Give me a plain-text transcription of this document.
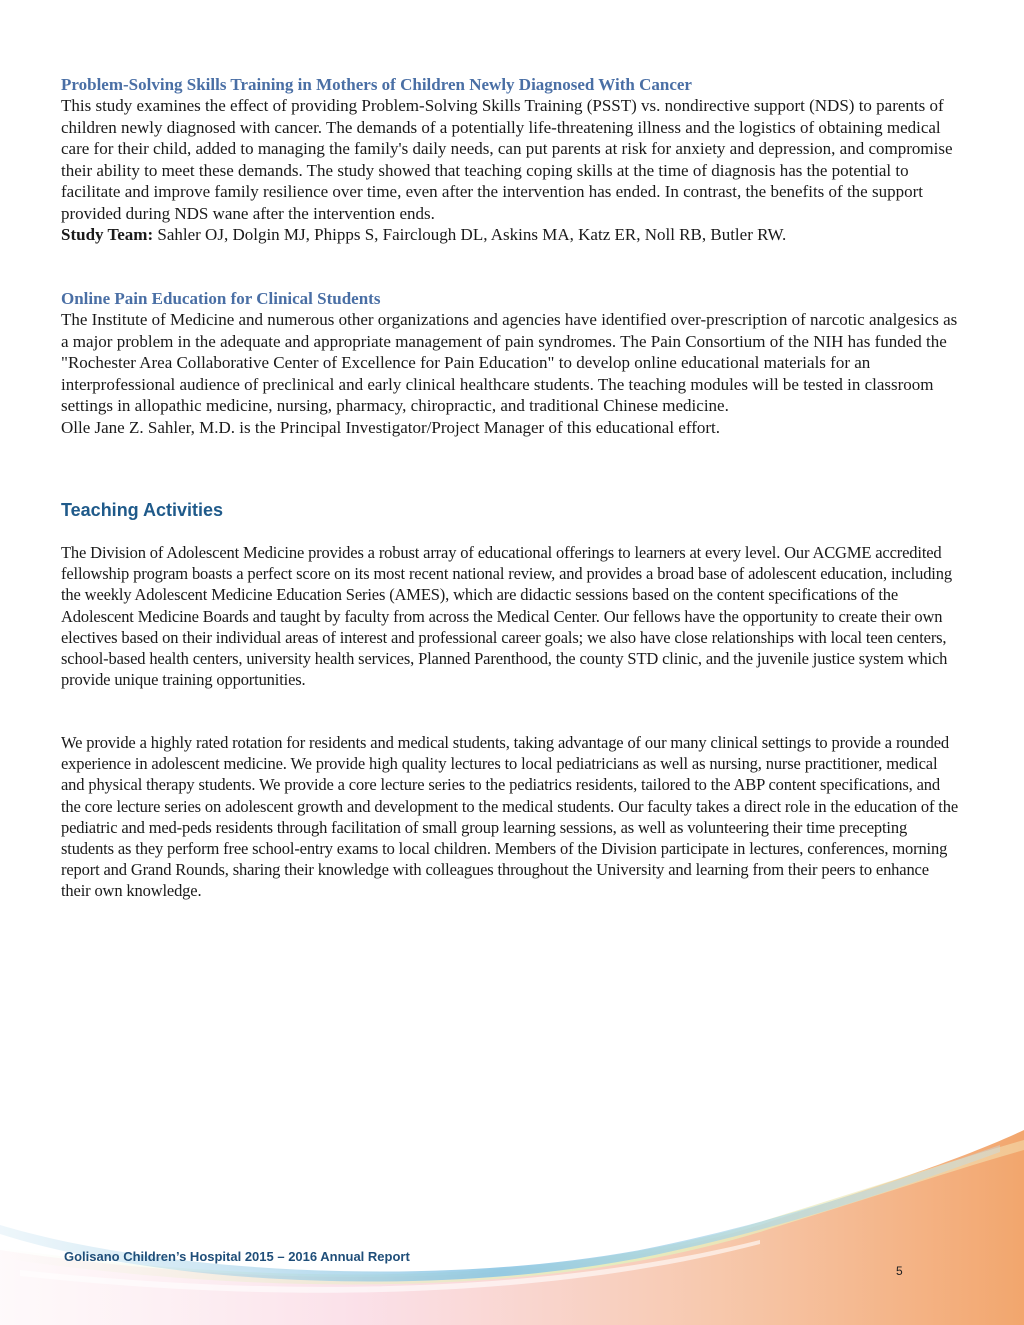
Problem-Solving Skills Training in Mothers of Children Newly Diagnosed With Cancer

This study examines the effect of providing Problem-Solving Skills Training (PSST) vs. nondirective support (NDS) to parents of children newly diagnosed with cancer. The demands of a potentially life-threatening illness and the logistics of obtaining medical care for their child, added to managing the family's daily needs, can put parents at risk for anxiety and depression, and compromise their ability to meet these demands. The study showed that teaching coping skills at the time of diagnosis has the potential to facilitate and improve family resilience over time, even after the intervention has ended. In contrast, the benefits of the support provided during NDS wane after the intervention ends.
Study Team: Sahler OJ, Dolgin MJ, Phipps S, Fairclough DL, Askins MA, Katz ER, Noll RB, Butler RW.

Online Pain Education for Clinical Students

The Institute of Medicine and numerous other organizations and agencies have identified over-prescription of narcotic analgesics as a major problem in the adequate and appropriate management of pain syndromes. The Pain Consortium of the NIH has funded the "Rochester Area Collaborative Center of Excellence for Pain Education" to develop online educational materials for an interprofessional audience of preclinical and early clinical healthcare students. The teaching modules will be tested in classroom settings in allopathic medicine, nursing, pharmacy, chiropractic, and traditional Chinese medicine.
Olle Jane Z. Sahler, M.D. is the Principal Investigator/Project Manager of this educational effort.

Teaching Activities

The Division of Adolescent Medicine provides a robust array of educational offerings to learners at every level. Our ACGME accredited fellowship program boasts a perfect score on its most recent national review, and provides a broad base of adolescent education, including the weekly Adolescent Medicine Education Series (AMES), which are didactic sessions based on the content specifications of the Adolescent Medicine Boards and taught by faculty from across the Medical Center. Our fellows have the opportunity to create their own electives based on their individual areas of interest and professional career goals; we also have close relationships with local teen centers, school-based health centers, university health services, Planned Parenthood, the county STD clinic, and the juvenile justice system which provide unique training opportunities.

We provide a highly rated rotation for residents and medical students, taking advantage of our many clinical settings to provide a rounded experience in adolescent medicine. We provide high quality lectures to local pediatricians as well as nursing, nurse practitioner, medical and physical therapy students. We provide a core lecture series to the pediatrics residents, tailored to the ABP content specifications, and the core lecture series on adolescent growth and development to the medical students. Our faculty takes a direct role in the education of the pediatric and med-peds residents through facilitation of small group learning sessions, as well as volunteering their time precepting students as they perform free school-entry exams to local children. Members of the Division participate in lectures, conferences, morning report and Grand Rounds, sharing their knowledge with colleagues throughout the University and learning from their peers to enhance their own knowledge.

Golisano Children’s Hospital 2015 – 2016 Annual Report

5
